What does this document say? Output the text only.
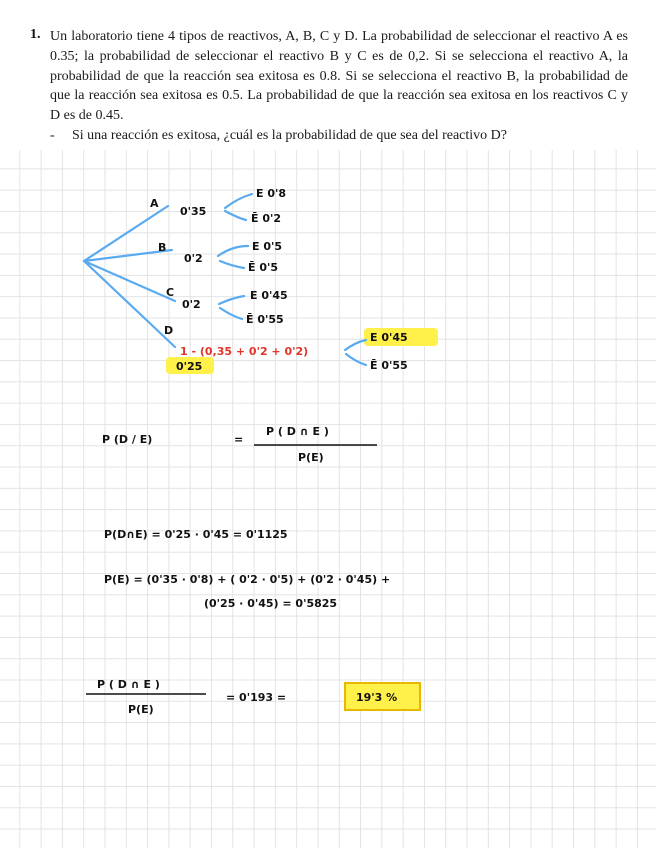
1. Un laboratorio tiene 4 tipos de reactivos, A, B, C y D. La probabilidad de seleccionar el reactivo A es 0.35; la probabilidad de seleccionar el reactivo B y C es de 0,2. Si se selecciona el reactivo A, la probabilidad de que la reacción sea exitosa es 0.8. Si se selecciona el reactivo B, la probabilidad de que la reacción sea exitosa es 0.5. La probabilidad de que la reacción sea exitosa en los reactivos C y D es de 0.45.
- Si una reacción es exitosa, ¿cuál es la probabilidad de que sea del reactivo D?
A
0'35
E 0'8
Ē 0'2
B
0'2
E 0'5
Ē 0'5
C
0'2
E 0'45
Ē 0'55
D
1 - (0,35 + 0'2 + 0'2)
0'25
E 0'45
Ē 0'55
P (D / E)	=
P ( D ∩ E )
P(E)
P(D∩E) = 0'25 · 0'45 = 0'1125
P(E) = (0'35 · 0'8) + ( 0'2 · 0'5) + (0'2 · 0'45) +
(0'25 · 0'45) = 0'5825
P ( D ∩ E )
P(E)
= 0'193 =	19'3 %
